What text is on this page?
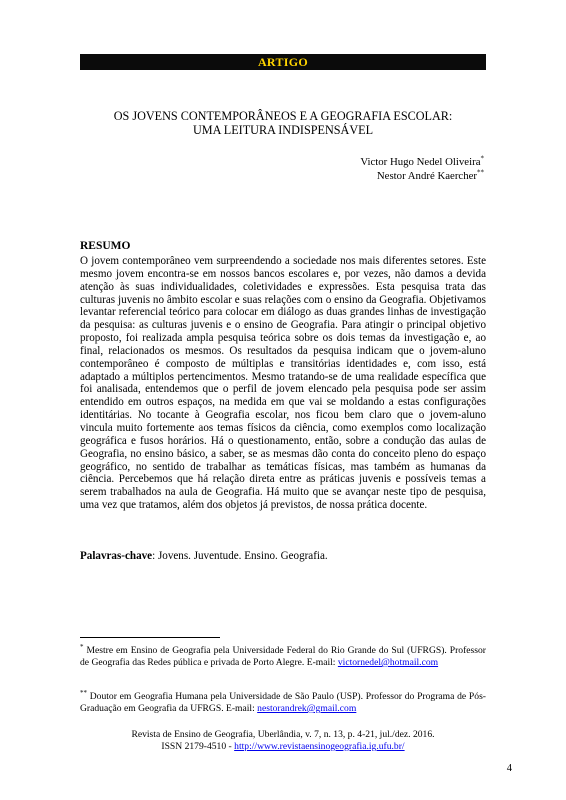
ARTIGO
OS JOVENS CONTEMPORÂNEOS E A GEOGRAFIA ESCOLAR:
UMA LEITURA INDISPENSÁVEL
Victor Hugo Nedel Oliveira*
Nestor André Kaercher**
RESUMO

O jovem contemporâneo vem surpreendendo a sociedade nos mais diferentes setores. Este mesmo jovem encontra-se em nossos bancos escolares e, por vezes, não damos a devida atenção às suas individualidades, coletividades e expressões. Esta pesquisa trata das culturas juvenis no âmbito escolar e suas relações com o ensino da Geografia. Objetivamos levantar referencial teórico para colocar em diálogo as duas grandes linhas de investigação da pesquisa: as culturas juvenis e o ensino de Geografia. Para atingir o principal objetivo proposto, foi realizada ampla pesquisa teórica sobre os dois temas da investigação e, ao final, relacionados os mesmos. Os resultados da pesquisa indicam que o jovem-aluno contemporâneo é composto de múltiplas e transitórias identidades e, com isso, está adaptado a múltiplos pertencimentos. Mesmo tratando-se de uma realidade específica que foi analisada, entendemos que o perfil de jovem elencado pela pesquisa pode ser assim entendido em outros espaços, na medida em que vai se moldando a estas configurações identitárias. No tocante à Geografia escolar, nos ficou bem claro que o jovem-aluno vincula muito fortemente aos temas físicos da ciência, como exemplos como localização geográfica e fusos horários. Há o questionamento, então, sobre a condução das aulas de Geografia, no ensino básico, a saber, se as mesmas dão conta do conceito pleno do espaço geográfico, no sentido de trabalhar as temáticas físicas, mas também as humanas da ciência. Percebemos que há relação direta entre as práticas juvenis e possíveis temas a serem trabalhados na aula de Geografia. Há muito que se avançar neste tipo de pesquisa, uma vez que tratamos, além dos objetos já previstos, de nossa prática docente.

Palavras-chave: Jovens. Juventude. Ensino. Geografia.
* Mestre em Ensino de Geografia pela Universidade Federal do Rio Grande do Sul (UFRGS). Professor de Geografia das Redes pública e privada de Porto Alegre. E-mail: victornedel@hotmail.com
** Doutor em Geografia Humana pela Universidade de São Paulo (USP). Professor do Programa de Pós-Graduação em Geografia da UFRGS. E-mail: nestorandrek@gmail.com
Revista de Ensino de Geografia, Uberlândia, v. 7, n. 13, p. 4-21, jul./dez. 2016.
ISSN 2179-4510 - http://www.revistaensinogeografia.ig.ufu.br/
4
